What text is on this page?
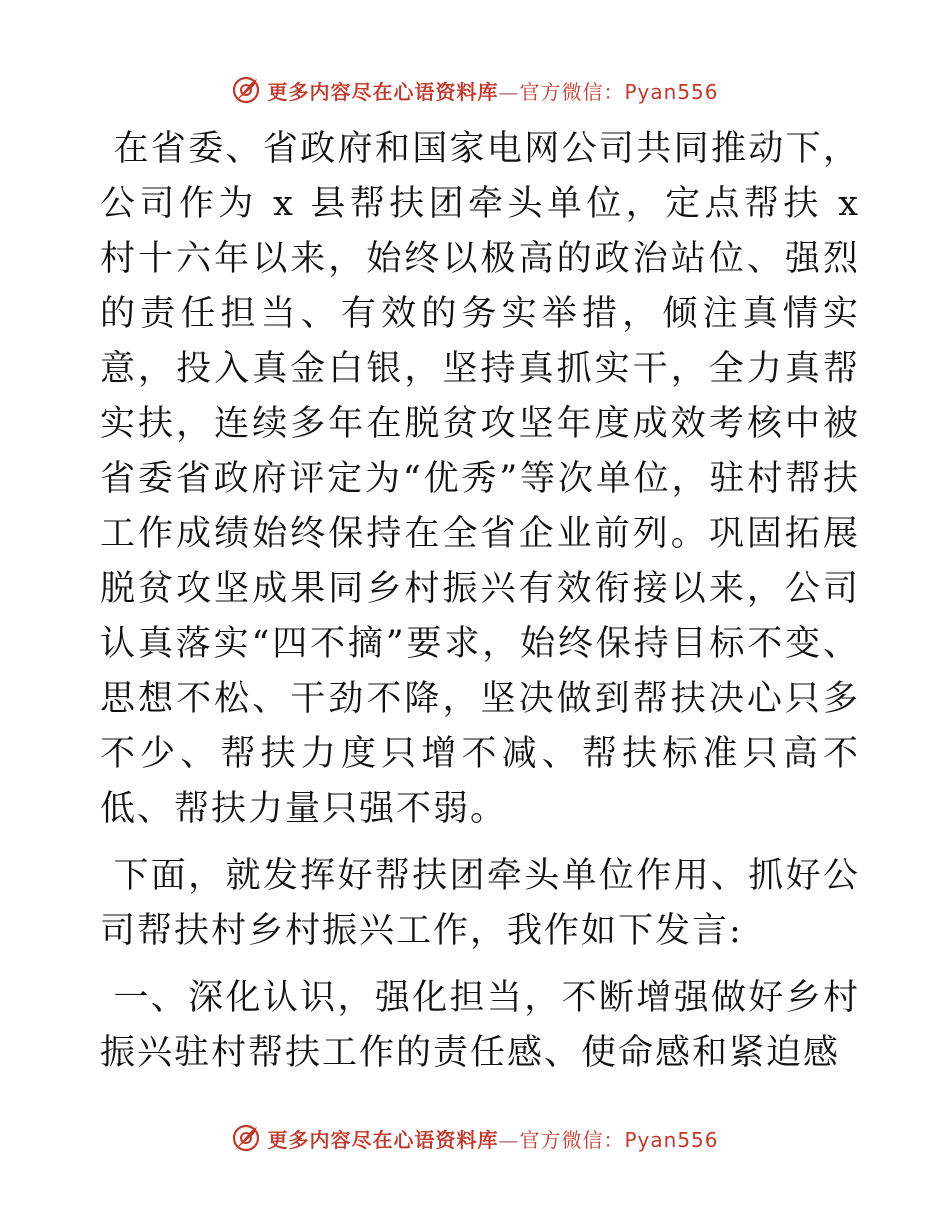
更多内容尽在心语资料库—官方微信：Pyan556

在省委、省政府和国家电网公司共同推动下，公司作为 x 县帮扶团牵头单位，定点帮扶 x 村十六年以来，始终以极高的政治站位、强烈的责任担当、有效的务实举措，倾注真情实意，投入真金白银，坚持真抓实干，全力真帮实扶，连续多年在脱贫攻坚年度成效考核中被省委省政府评定为“优秀”等次单位，驻村帮扶工作成绩始终保持在全省企业前列。巩固拓展脱贫攻坚成果同乡村振兴有效衔接以来，公司认真落实“四不摘”要求，始终保持目标不变、思想不松、干劲不降，坚决做到帮扶决心只多不少、帮扶力度只增不减、帮扶标准只高不低、帮扶力量只强不弱。

下面，就发挥好帮扶团牵头单位作用、抓好公司帮扶村乡村振兴工作，我作如下发言:

一、深化认识，强化担当，不断增强做好乡村振兴驻村帮扶工作的责任感、使命感和紧迫感

更多内容尽在心语资料库—官方微信：Pyan556
